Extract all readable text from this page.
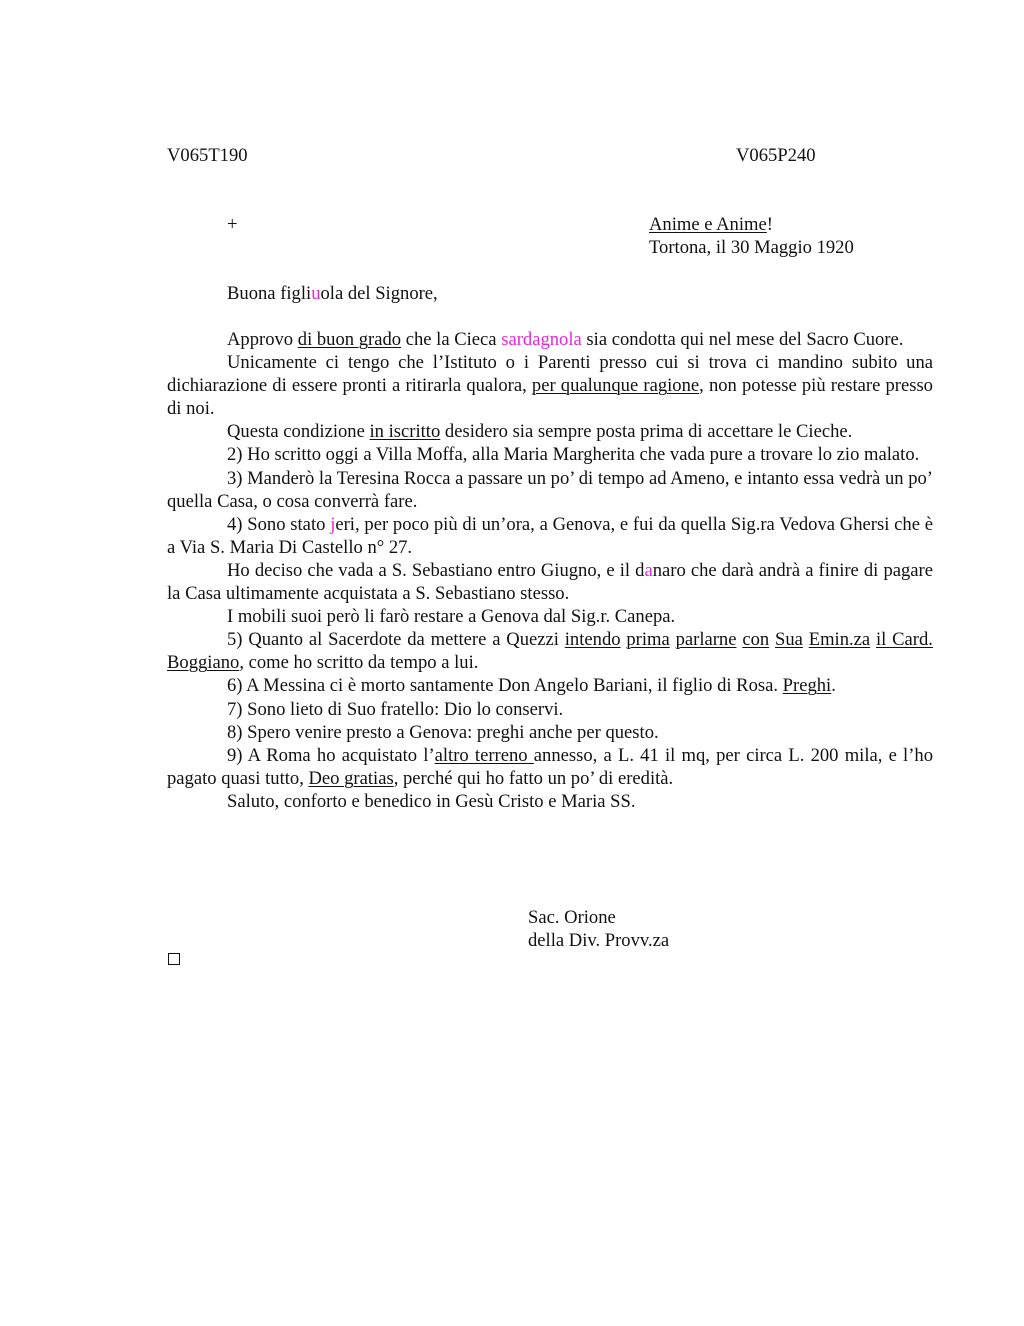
V065T190	V065P240
+	Anime e Anime!
Tortona, il 30 Maggio 1920
Buona figliuola del Signore,

Approvo di buon grado che la Cieca sardagnola sia condotta qui nel mese del Sacro Cuore.

Unicamente ci tengo che l’Istituto o i Parenti presso cui si trova ci mandino subito una dichiarazione di essere pronti a ritirarla qualora, per qualunque ragione, non potesse più restare presso di noi.

Questa condizione in iscritto desidero sia sempre posta prima di accettare le Cieche.

2) Ho scritto oggi a Villa Moffa, alla Maria Margherita che vada pure a trovare lo zio malato.

3) Manderò la Teresina Rocca a passare un po’ di tempo ad Ameno, e intanto essa vedrà un po’ quella Casa, o cosa converrà fare.

4) Sono stato jeri, per poco più di un’ora, a Genova, e fui da quella Sig.ra Vedova Ghersi che è a Via S. Maria Di Castello n° 27.

Ho deciso che vada a S. Sebastiano entro Giugno, e il danaro che darà andrà a finire di pagare la Casa ultimamente acquistata a S. Sebastiano stesso.

I mobili suoi però li farò restare a Genova dal Sig.r. Canepa.

5) Quanto al Sacerdote da mettere a Quezzi intendo prima parlarne con Sua Emin.za il Card. Boggiano, come ho scritto da tempo a lui.

6) A Messina ci è morto santamente Don Angelo Bariani, il figlio di Rosa. Preghi.

7) Sono lieto di Suo fratello: Dio lo conservi.

8) Spero venire presto a Genova: preghi anche per questo.

9) A Roma ho acquistato l’altro terreno annesso, a L. 41 il mq, per circa L. 200 mila, e l’ho pagato quasi tutto, Deo gratias, perché qui ho fatto un po’ di eredità.

Saluto, conforto e benedico in Gesù Cristo e Maria SS.

Sac. Orione
della Div. Provv.za
